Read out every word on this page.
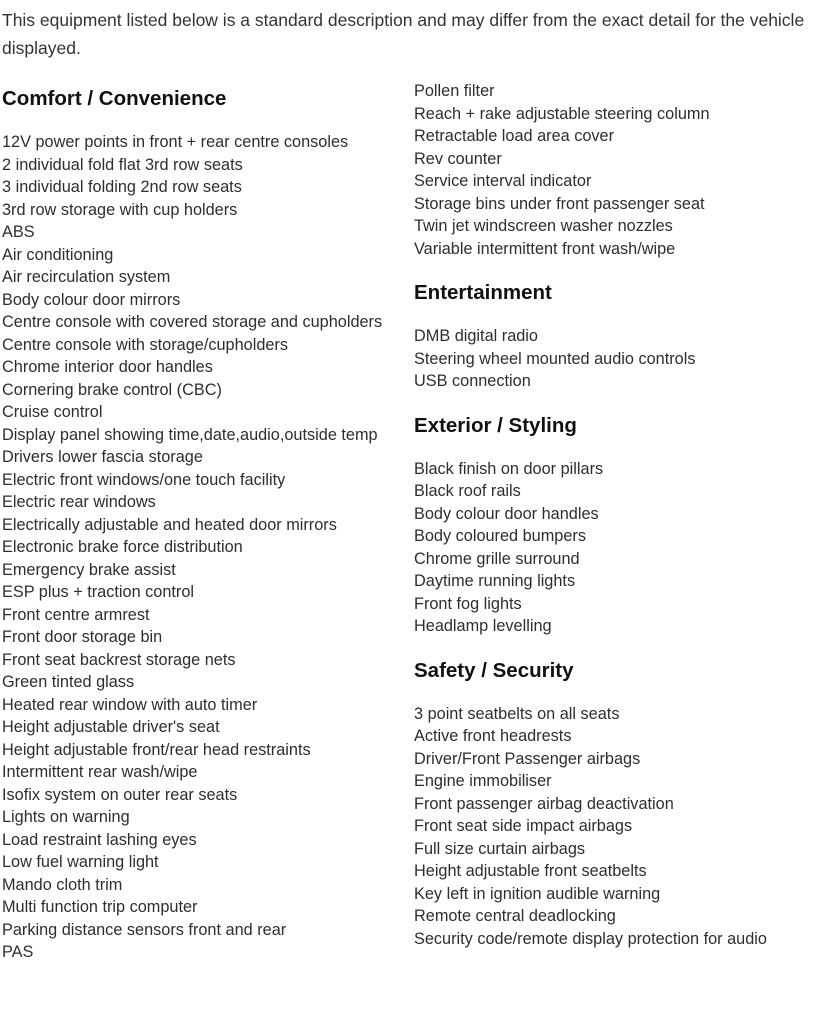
This equipment listed below is a standard description and may differ from the exact detail for the vehicle displayed.

Comfort / Convenience
12V power points in front + rear centre consoles
2 individual fold flat 3rd row seats
3 individual folding 2nd row seats
3rd row storage with cup holders
ABS
Air conditioning
Air recirculation system
Body colour door mirrors
Centre console with covered storage and cupholders
Centre console with storage/cupholders
Chrome interior door handles
Cornering brake control (CBC)
Cruise control
Display panel showing time,date,audio,outside temp
Drivers lower fascia storage
Electric front windows/one touch facility
Electric rear windows
Electrically adjustable and heated door mirrors
Electronic brake force distribution
Emergency brake assist
ESP plus + traction control
Front centre armrest
Front door storage bin
Front seat backrest storage nets
Green tinted glass
Heated rear window with auto timer
Height adjustable driver's seat
Height adjustable front/rear head restraints
Intermittent rear wash/wipe
Isofix system on outer rear seats
Lights on warning
Load restraint lashing eyes
Low fuel warning light
Mando cloth trim
Multi function trip computer
Parking distance sensors front and rear
PAS
Pollen filter
Reach + rake adjustable steering column
Retractable load area cover
Rev counter
Service interval indicator
Storage bins under front passenger seat
Twin jet windscreen washer nozzles
Variable intermittent front wash/wipe
Entertainment
DMB digital radio
Steering wheel mounted audio controls
USB connection
Exterior / Styling
Black finish on door pillars
Black roof rails
Body colour door handles
Body coloured bumpers
Chrome grille surround
Daytime running lights
Front fog lights
Headlamp levelling
Safety / Security
3 point seatbelts on all seats
Active front headrests
Driver/Front Passenger airbags
Engine immobiliser
Front passenger airbag deactivation
Front seat side impact airbags
Full size curtain airbags
Height adjustable front seatbelts
Key left in ignition audible warning
Remote central deadlocking
Security code/remote display protection for audio
